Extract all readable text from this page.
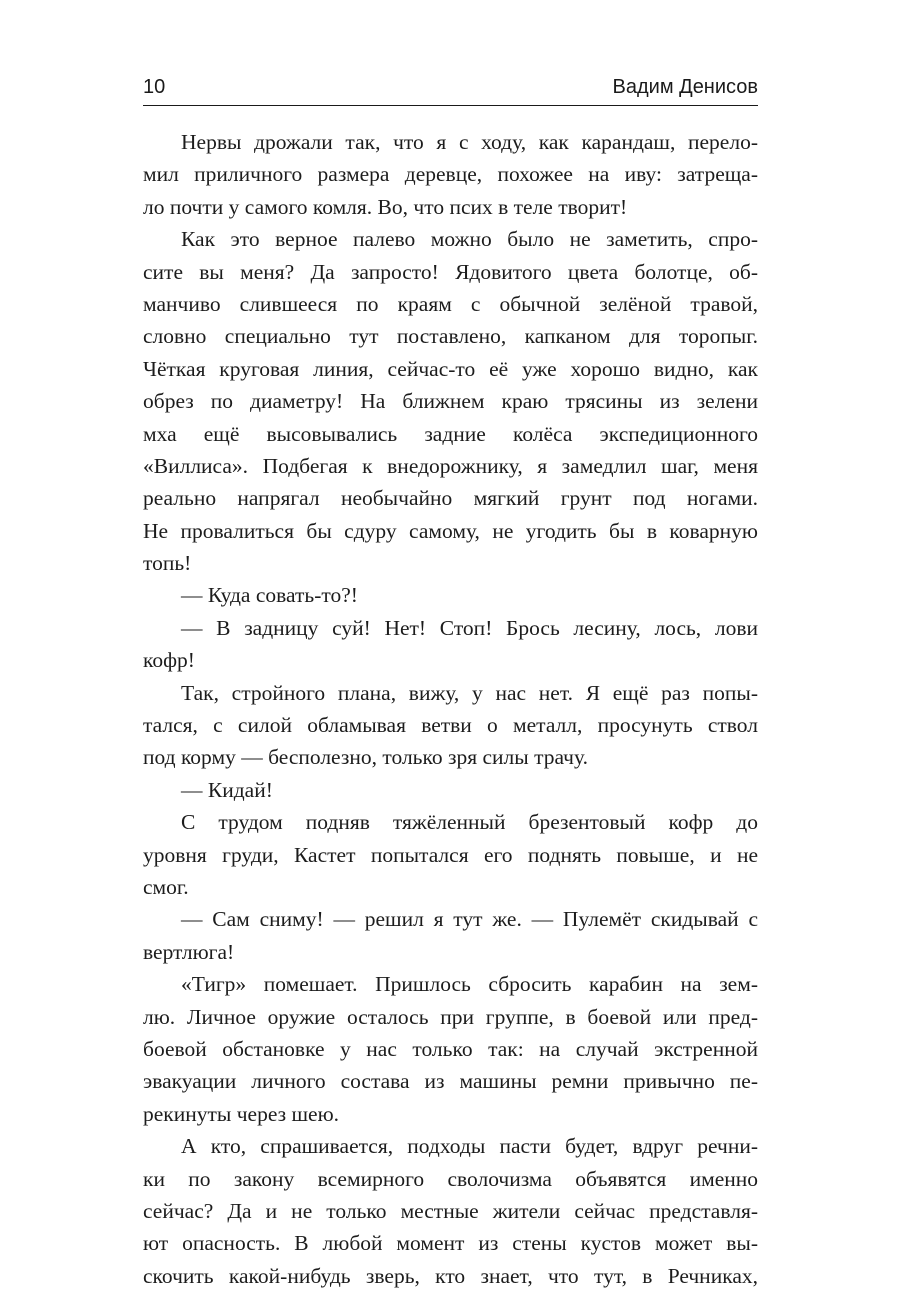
10	Вадим Денисов
Нервы дрожали так, что я с ходу, как карандаш, перело-
мил приличного размера деревце, похожее на иву: затреща-
ло почти у самого комля. Во, что псих в теле творит!
Как это верное палево можно было не заметить, спро-
сите вы меня? Да запросто! Ядовитого цвета болотце, об-
манчиво слившееся по краям с обычной зелёной травой,
словно специально тут поставлено, капканом для торопыг.
Чёткая круговая линия, сейчас-то её уже хорошо видно, как
обрез по диаметру! На ближнем краю трясины из зелени
мха ещё высовывались задние колёса экспедиционного
«Виллиса». Подбегая к внедорожнику, я замедлил шаг, меня
реально напрягал необычайно мягкий грунт под ногами.
Не провалиться бы сдуру самому, не угодить бы в коварную
топь!
— Куда совать-то?!
— В задницу суй! Нет! Стоп! Брось лесину, лось, лови
кофр!
Так, стройного плана, вижу, у нас нет. Я ещё раз попы-
тался, с силой обламывая ветви о металл, просунуть ствол
под корму — бесполезно, только зря силы трачу.
— Кидай!
С трудом подняв тяжёленный брезентовый кофр до
уровня груди, Кастет попытался его поднять повыше, и не
смог.
— Сам сниму! — решил я тут же. — Пулемёт скидывай с
вертлюга!
«Тигр» помешает. Пришлось сбросить карабин на зем-
лю. Личное оружие осталось при группе, в боевой или пред-
боевой обстановке у нас только так: на случай экстренной
эвакуации личного состава из машины ремни привычно пе-
рекинуты через шею.
А кто, спрашивается, подходы пасти будет, вдруг речни-
ки по закону всемирного сволочизма объявятся именно
сейчас? Да и не только местные жители сейчас представля-
ют опасность. В любой момент из стены кустов может вы-
скочить какой-нибудь зверь, кто знает, что тут, в Речниках,
